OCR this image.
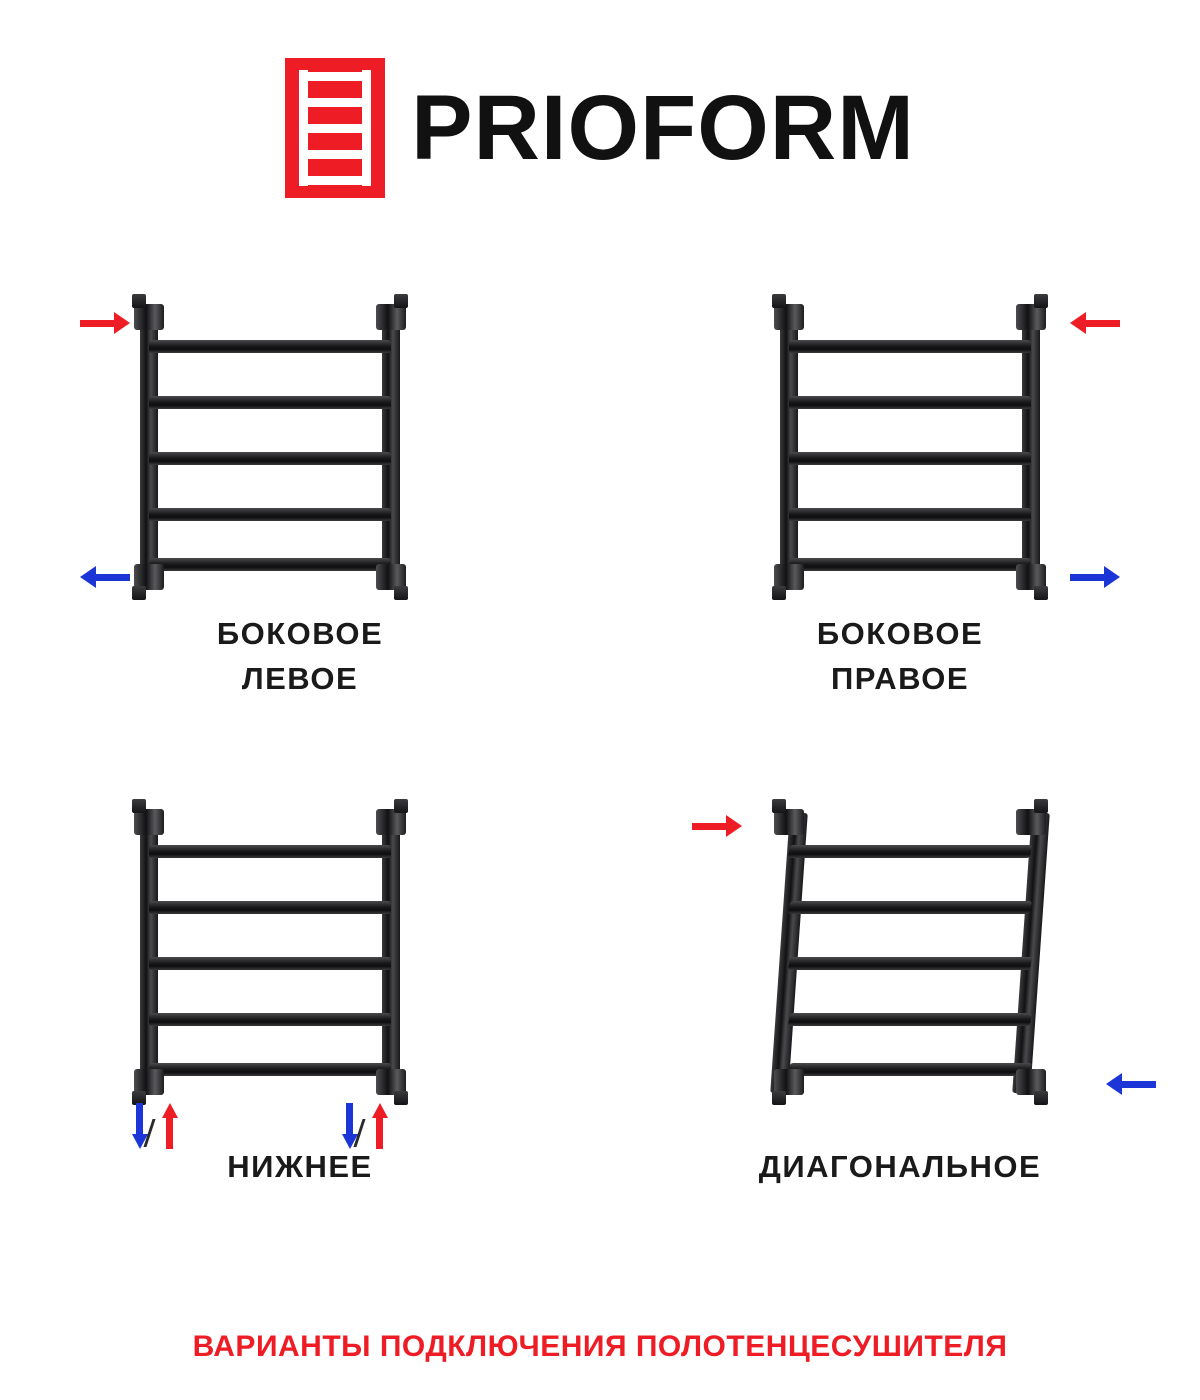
PRIOFORM
БОКОВОЕ
ЛЕВОЕ
БОКОВОЕ
ПРАВОЕ
НИЖНЕЕ	ДИАГОНАЛЬНОЕ
ВАРИАНТЫ ПОДКЛЮЧЕНИЯ ПОЛОТЕНЦЕСУШИТЕЛЯ
